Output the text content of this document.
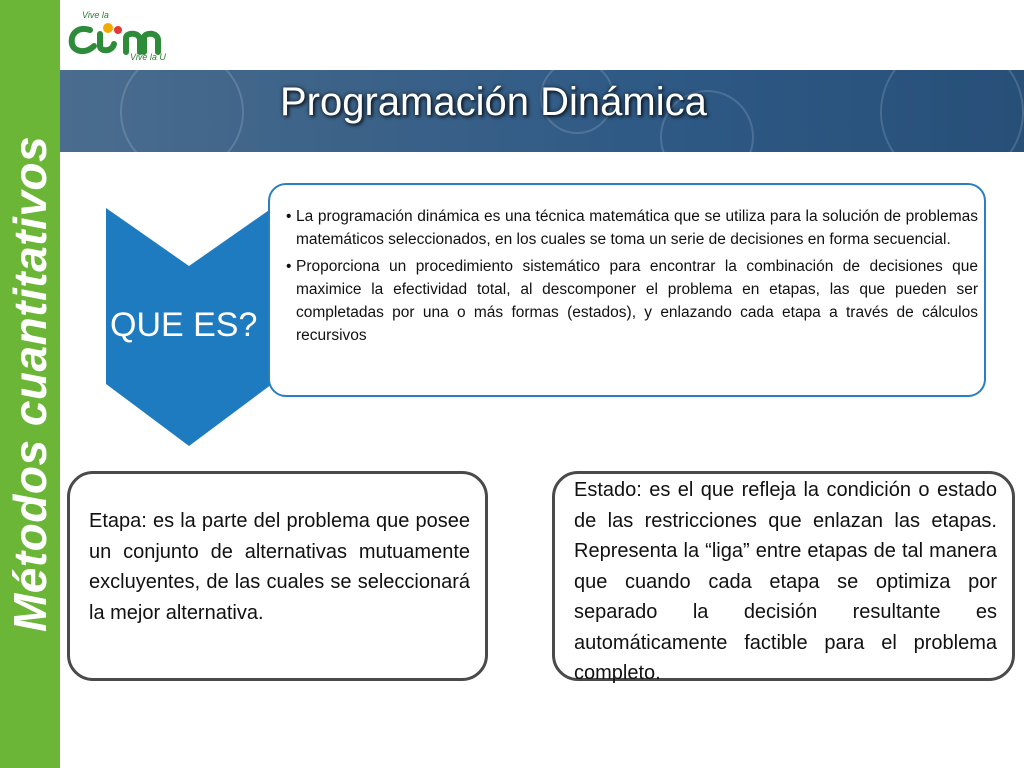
Métodos cuantitativos
Vive la
Vive la U
Programación Dinámica
QUE ES?
• La programación dinámica es una técnica matemática que se utiliza para la solución de problemas matemáticos seleccionados, en los cuales se toma un serie de decisiones en forma secuencial.
• Proporciona un procedimiento sistemático para encontrar la combinación de decisiones que maximice la efectividad total, al descomponer el problema en etapas, las que pueden ser completadas por una o más formas (estados), y enlazando cada etapa a través de cálculos recursivos
Etapa: es la parte del problema que posee un conjunto de alternativas mutuamente excluyentes, de las cuales se seleccionará la mejor alternativa.
Estado: es el que refleja la condición o estado de las restricciones que enlazan las etapas. Representa la “liga” entre etapas de tal manera que cuando cada etapa se optimiza por separado la decisión resultante es automáticamente factible para el problema completo.
